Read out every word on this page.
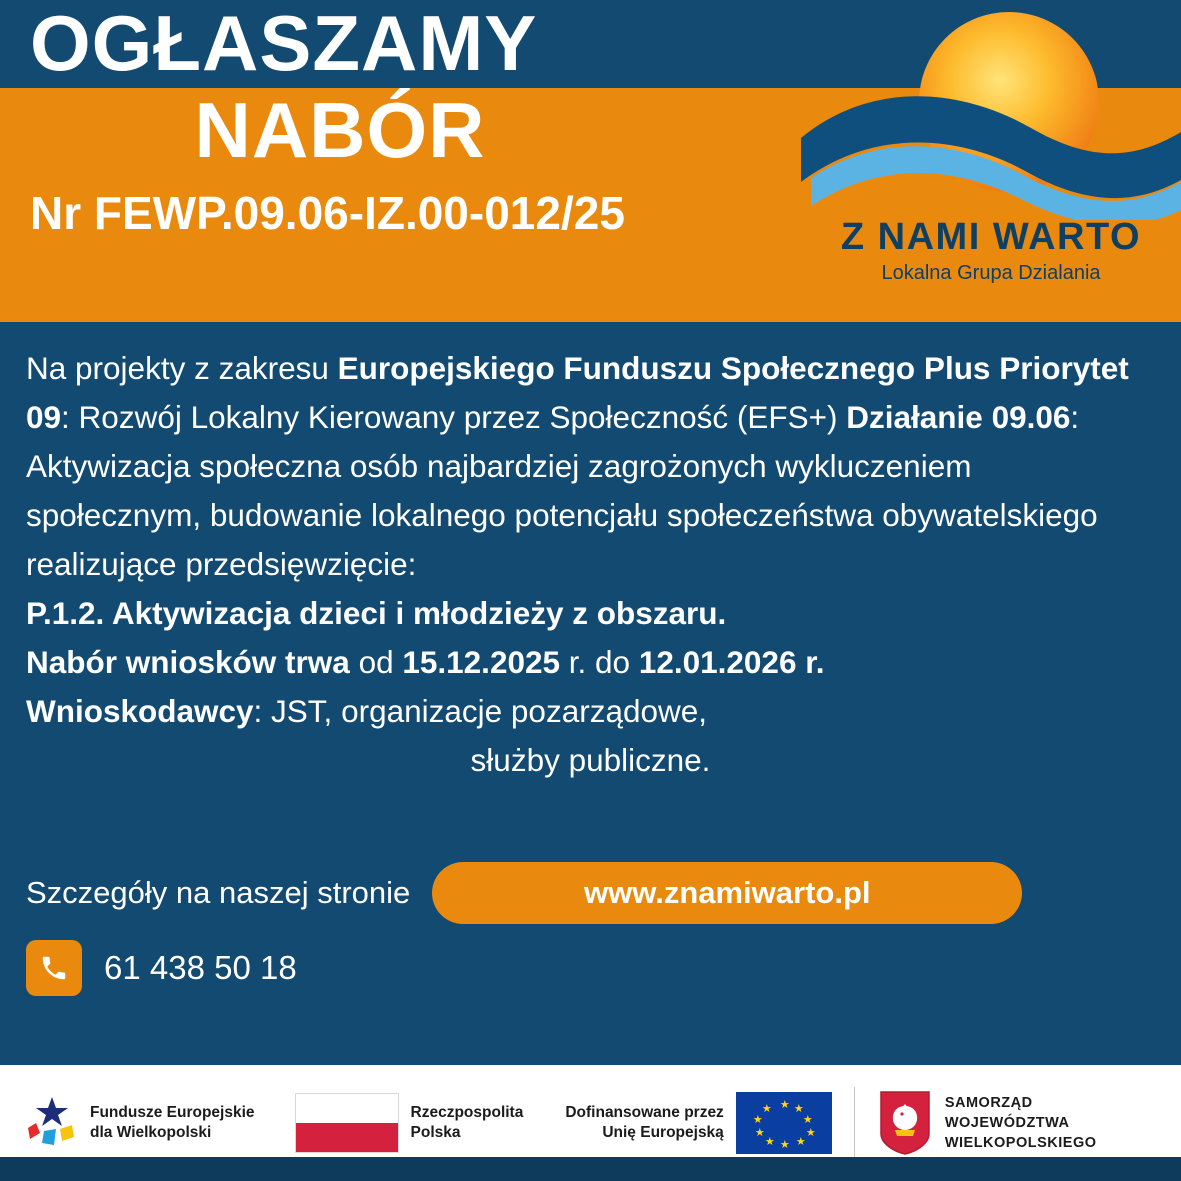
OGŁASZAMY
NABÓR
Nr FEWP.09.06-IZ.00-012/25	Z NAMI WARTO
Lokalna Grupa Dzialania
Na projekty z zakresu Europejskiego Funduszu Społecznego Plus Priorytet 09: Rozwój Lokalny Kierowany przez Społeczność (EFS+) Działanie 09.06: Aktywizacja społeczna osób najbardziej zagrożonych wykluczeniem społecznym, budowanie lokalnego potencjału społeczeństwa obywatelskiego realizujące przedsięwzięcie:
P.1.2. Aktywizacja dzieci i młodzieży z obszaru.
Nabór wniosków trwa od 15.12.2025 r. do 12.01.2026 r.
Wnioskodawcy: JST, organizacje pozarządowe,
służby publiczne.
Szczegóły na naszej stronie	www.znamiwarto.pl
61 438 50 18
Fundusze Europejskie
dla Wielkopolski
Rzeczpospolita
Polska
Dofinansowane przez
Unię Europejską
★ ★
★
★
★
★
★
★
★
★	SAMORZĄD
WOJEWÓDZTWA
WIELKOPOLSKIEGO
